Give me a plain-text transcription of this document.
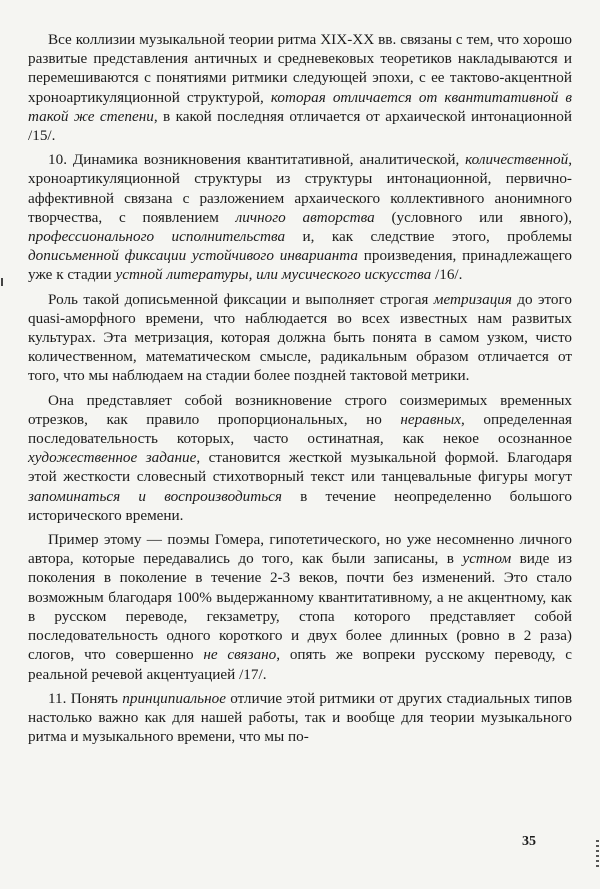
Все коллизии музыкальной теории ритма XIX-XX вв. связаны с тем, что хорошо развитые представления античных и средневековых теоретиков накладываются и перемешиваются с понятиями ритмики следующей эпохи, с ее тактово-акцентной хроноартикуляционной структурой, которая отличается от квантитативной в такой же степени, в какой последняя отличается от архаической интонационной /15/.

10. Динамика возникновения квантитативной, аналитической, количественной, хроноартикуляционной структуры из структуры интонационной, первично-аффективной связана с разложением архаического коллективного анонимного творчества, с появлением личного авторства (условного или явного), профессионального исполнительства и, как следствие этого, проблемы дописьменной фиксации устойчивого инварианта произведения, принадлежащего уже к стадии устной литературы, или мусического искусства /16/.

Роль такой дописьменной фиксации и выполняет строгая метризация до этого quasi-аморфного времени, что наблюдается во всех известных нам развитых культурах. Эта метризация, которая должна быть понята в самом узком, чисто количественном, математическом смысле, радикальным образом отличается от того, что мы наблюдаем на стадии более поздней тактовой метрики.

Она представляет собой возникновение строго соизмеримых временных отрезков, как правило пропорциональных, но неравных, определенная последовательность которых, часто остинатная, как некое осознанное художественное задание, становится жесткой музыкальной формой. Благодаря этой жесткости словесный стихотворный текст или танцевальные фигуры могут запоминаться и воспроизводиться в течение неопределенно большого исторического времени.

Пример этому — поэмы Гомера, гипотетического, но уже несомненно личного автора, которые передавались до того, как были записаны, в устном виде из поколения в поколение в течение 2-3 веков, почти без изменений. Это стало возможным благодаря 100% выдержанному квантитативному, а не акцентному, как в русском переводе, гекзаметру, стопа которого представляет собой последовательность одного короткого и двух более длинных (ровно в 2 раза) слогов, что совершенно не связано, опять же вопреки русскому переводу, с реальной речевой акцентуацией /17/.

11. Понять принципиальное отличие этой ритмики от других стадиальных типов настолько важно как для нашей работы, так и вообще для теории музыкального ритма и музыкального времени, что мы по-

35
